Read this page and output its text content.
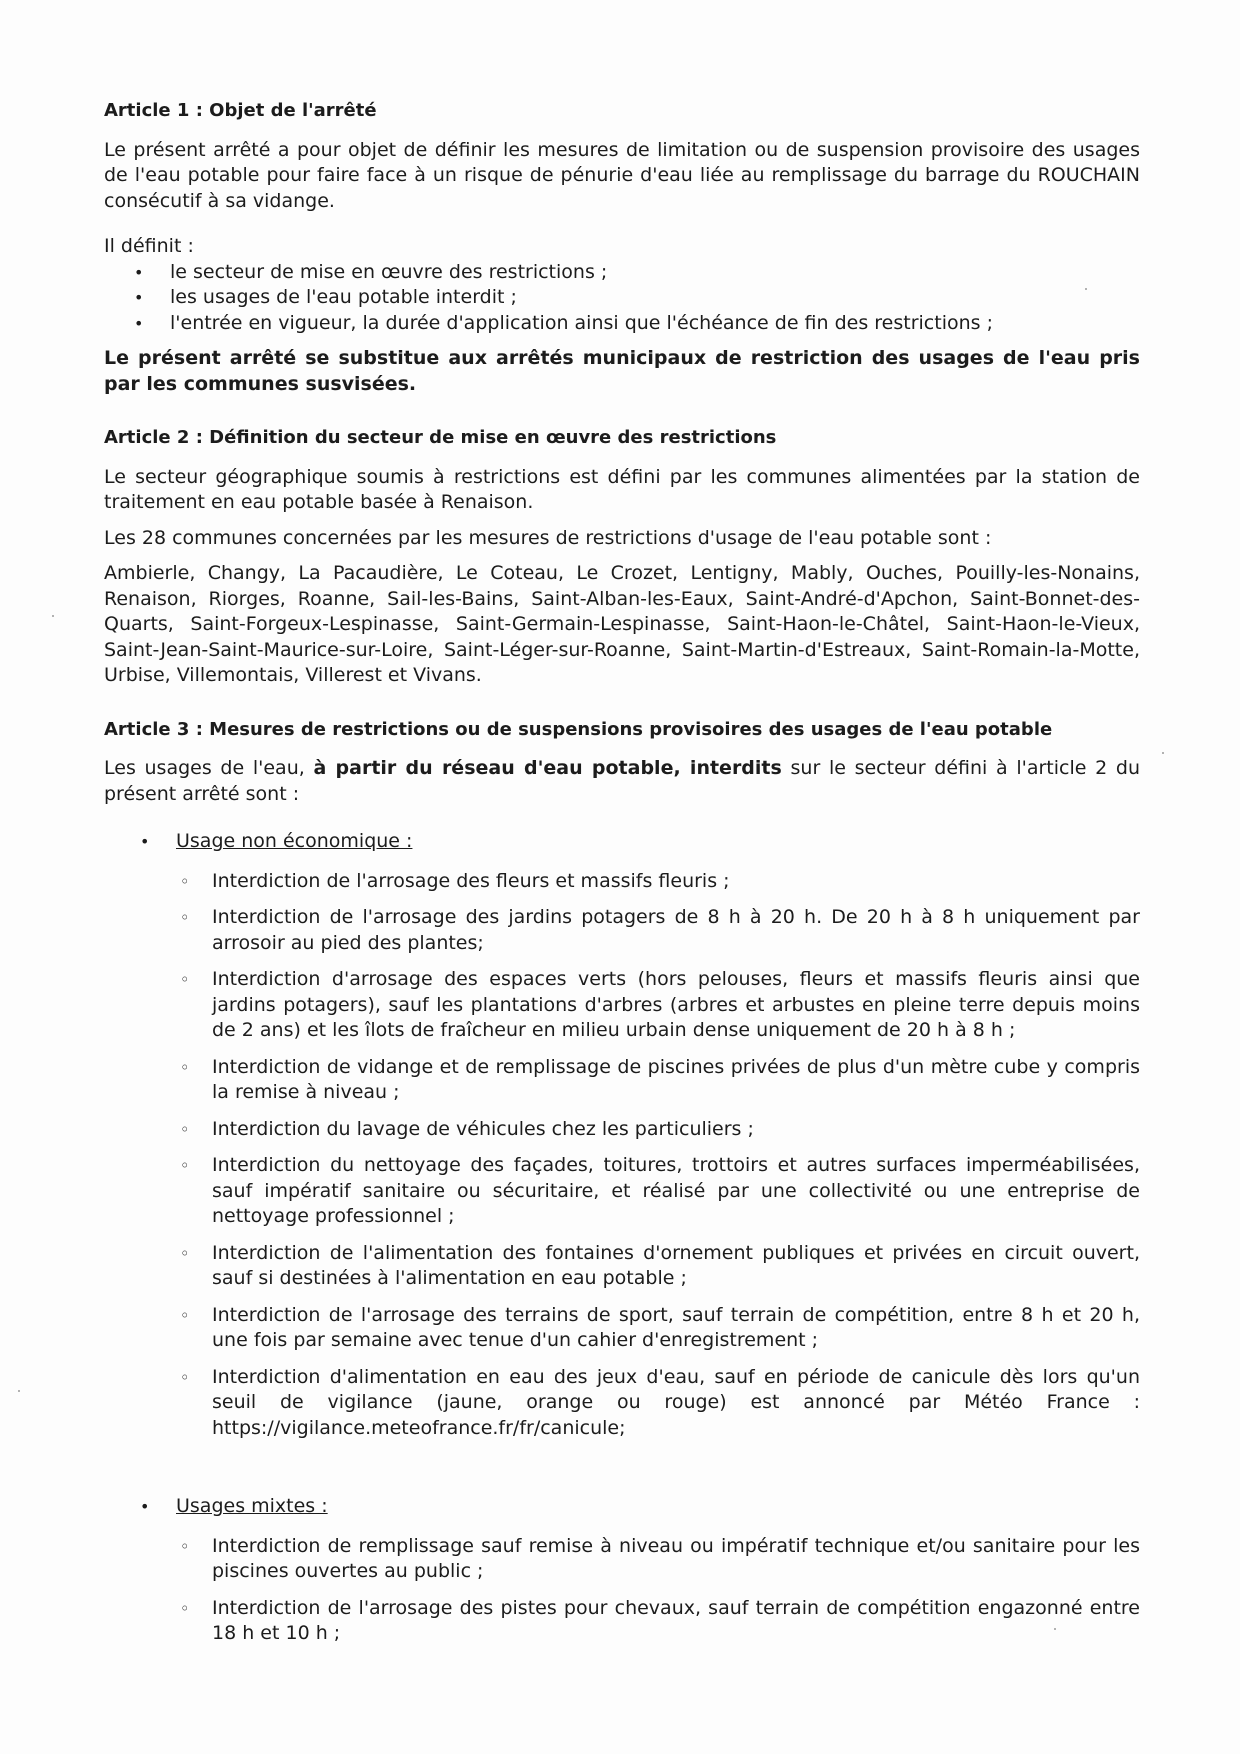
Article 1 : Objet de l'arrêté

Le présent arrêté a pour objet de définir les mesures de limitation ou de suspension provisoire des usages de l'eau potable pour faire face à un risque de pénurie d'eau liée au remplissage du barrage du ROUCHAIN consécutif à sa vidange.

Il définit :

• le secteur de mise en œuvre des restrictions ;
• les usages de l'eau potable interdit ;
• l'entrée en vigueur, la durée d'application ainsi que l'échéance de fin des restrictions ;

Le présent arrêté se substitue aux arrêtés municipaux de restriction des usages de l'eau pris par les communes susvisées.

Article 2 : Définition du secteur de mise en œuvre des restrictions

Le secteur géographique soumis à restrictions est défini par les communes alimentées par la station de traitement en eau potable basée à Renaison.

Les 28 communes concernées par les mesures de restrictions d'usage de l'eau potable sont :

Ambierle, Changy, La Pacaudière, Le Coteau, Le Crozet, Lentigny, Mably, Ouches, Pouilly-les-Nonains, Renaison, Riorges, Roanne, Sail-les-Bains, Saint-Alban-les-Eaux, Saint-André-d'Apchon, Saint-Bonnet-des-Quarts, Saint-Forgeux-Lespinasse, Saint-Germain-Lespinasse, Saint-Haon-le-Châtel, Saint-Haon-le-Vieux, Saint-Jean-Saint-Maurice-sur-Loire, Saint-Léger-sur-Roanne, Saint-Martin-d'Estreaux, Saint-Romain-la-Motte, Urbise, Villemontais, Villerest et Vivans.

Article 3 : Mesures de restrictions ou de suspensions provisoires des usages de l'eau potable

Les usages de l'eau, à partir du réseau d'eau potable, interdits sur le secteur défini à l'article 2 du présent arrêté sont :

• Usage non économique :
◦ Interdiction de l'arrosage des fleurs et massifs fleuris ;
◦ Interdiction de l'arrosage des jardins potagers de 8 h à 20 h. De 20 h à 8 h uniquement par arrosoir au pied des plantes;
◦ Interdiction d'arrosage des espaces verts (hors pelouses, fleurs et massifs fleuris ainsi que jardins potagers), sauf les plantations d'arbres (arbres et arbustes en pleine terre depuis moins de 2 ans) et les îlots de fraîcheur en milieu urbain dense uniquement de 20 h à 8 h ;
◦ Interdiction de vidange et de remplissage de piscines privées de plus d'un mètre cube y compris la remise à niveau ;
◦ Interdiction du lavage de véhicules chez les particuliers ;
◦ Interdiction du nettoyage des façades, toitures, trottoirs et autres surfaces imperméabilisées, sauf impératif sanitaire ou sécuritaire, et réalisé par une collectivité ou une entreprise de nettoyage professionnel ;
◦ Interdiction de l'alimentation des fontaines d'ornement publiques et privées en circuit ouvert, sauf si destinées à l'alimentation en eau potable ;
◦ Interdiction de l'arrosage des terrains de sport, sauf terrain de compétition, entre 8 h et 20 h, une fois par semaine avec tenue d'un cahier d'enregistrement ;
◦ Interdiction d'alimentation en eau des jeux d'eau, sauf en période de canicule dès lors qu'un seuil de vigilance (jaune, orange ou rouge) est annoncé par Météo France : https://vigilance.meteofrance.fr/fr/canicule;
• Usages mixtes :
◦ Interdiction de remplissage sauf remise à niveau ou impératif technique et/ou sanitaire pour les piscines ouvertes au public ;
◦ Interdiction de l'arrosage des pistes pour chevaux, sauf terrain de compétition engazonné entre 18 h et 10 h ;
